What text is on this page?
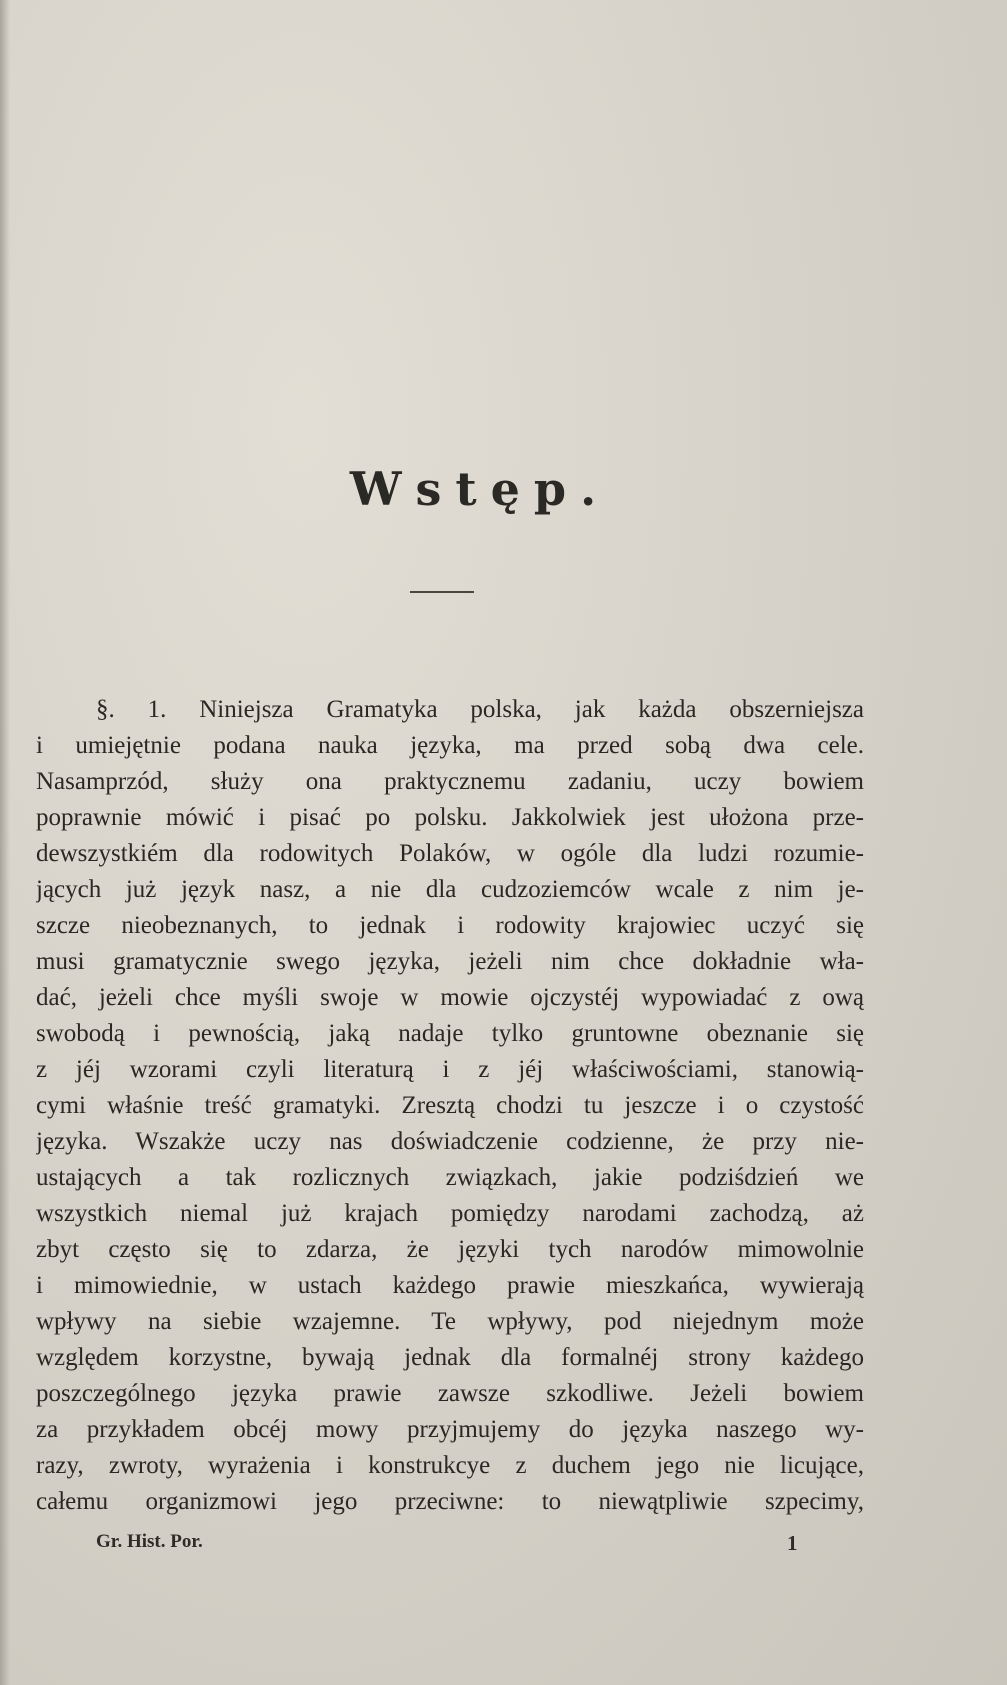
Wstęp.
§. 1. Niniejsza Gramatyka polska, jak każda obszerniejsza
i umiejętnie podana nauka języka, ma przed sobą dwa cele.
Nasamprzód, służy ona praktycznemu zadaniu, uczy bowiem
poprawnie mówić i pisać po polsku. Jakkolwiek jest ułożona prze-
dewszystkiém dla rodowitych Polaków, w ogóle dla ludzi rozumie-
jących już język nasz, a nie dla cudzoziemców wcale z nim je-
szcze nieobeznanych, to jednak i rodowity krajowiec uczyć się
musi gramatycznie swego języka, jeżeli nim chce dokładnie wła-
dać, jeżeli chce myśli swoje w mowie ojczystéj wypowiadać z ową
swobodą i pewnością, jaką nadaje tylko gruntowne obeznanie się
z jéj wzorami czyli literaturą i z jéj właściwościami, stanowią-
cymi właśnie treść gramatyki. Zresztą chodzi tu jeszcze i o czystość
języka. Wszakże uczy nas doświadczenie codzienne, że przy nie-
ustających a tak rozlicznych związkach, jakie podziśdzień we
wszystkich niemal już krajach pomiędzy narodami zachodzą, aż
zbyt często się to zdarza, że języki tych narodów mimowolnie
i mimowiednie, w ustach każdego prawie mieszkańca, wywierają
wpływy na siebie wzajemne. Te wpływy, pod niejednym może
względem korzystne, bywają jednak dla formalnéj strony każdego
poszczególnego języka prawie zawsze szkodliwe. Jeżeli bowiem
za przykładem obcéj mowy przyjmujemy do języka naszego wy-
razy, zwroty, wyrażenia i konstrukcye z duchem jego nie licujące,
całemu organizmowi jego przeciwne: to niewątpliwie szpecimy,
Gr. Hist. Por.	1
